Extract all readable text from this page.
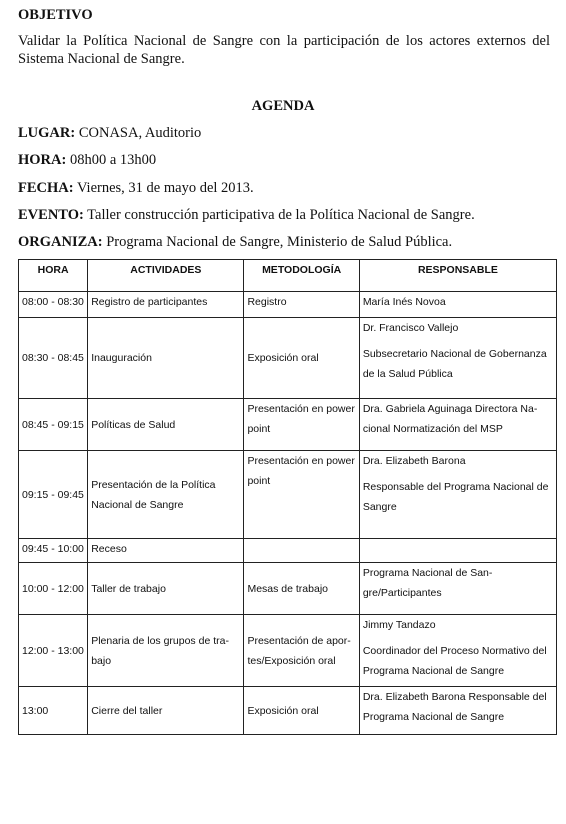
OBJETIVO

Validar la Política Nacional de Sangre con la participación de los actores externos del Sistema Nacional de Sangre.

AGENDA
LUGAR: CONASA, Auditorio
HORA: 08h00 a 13h00
FECHA: Viernes, 31 de mayo del 2013.
EVENTO: Taller construcción participativa de la Política Nacional de Sangre.
ORGANIZA: Programa Nacional de Sangre, Ministerio de Salud Pública.
HORA	ACTIVIDADES	METODOLOGÍA	RESPONSABLE
08:00 - 08:30	Registro de participantes	Registro	María Inés Novoa

08:30 - 08:45	Inauguración	Exposición oral	Dr. Francisco Vallejo
Subsecretario Nacional de Gobernanza
de la Salud Pública

08:45 - 09:15	Políticas de Salud	Presentación en power
point	Dra. Gabriela Aguinaga Directora Na-
cional Normatización del MSP

09:15 - 09:45	Presentación de la Política
Nacional de Sangre	Presentación en power
point	Dra. Elizabeth Barona
Responsable del Programa Nacional de
Sangre

09:45 - 10:00	Receso		

10:00 - 12:00	Taller de trabajo	Mesas de trabajo	Programa Nacional de San-
gre/Participantes

12:00 - 13:00	Plenaria de los grupos de tra-
bajo	Presentación de apor-
tes/Exposición oral	Jimmy Tandazo
Coordinador del Proceso Normativo del
Programa Nacional de Sangre

13:00	Cierre del taller	Exposición oral	Dra. Elizabeth Barona Responsable del
Programa Nacional de Sangre
